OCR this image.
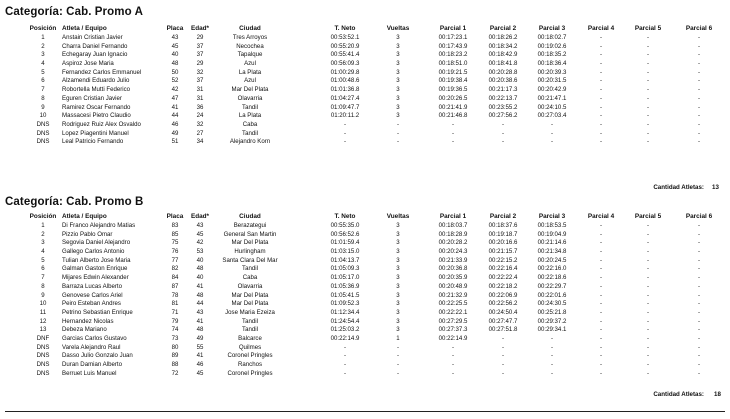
Categoría: Cab. Promo A
Posición Atleta / Equipo	Placa	Edad*	Ciudad	T. Neto	Vueltas	Parcial 1	Parcial 2	Parcial 3	Parcial 4	Parcial 5	Parcial 6
1	Anstain Cristian Javier	43	29	Tres Arroyos	00:53:52.1	3	00:17:23.1	00:18:26.2	00:18:02.7	-	-	-
2	Charra Daniel Fernando	45	37	Necochea	00:55:20.9	3	00:17:43.9	00:18:34.2	00:19:02.6	-	-	-
3	Echegaray Juan Ignacio	40	37	Tapalque	00:55:41.4	3	00:18:23.2	00:18:42.9	00:18:35.2	-	-	-
4	Aspiroz Jose Maria	48	29	Azul	00:56:09.3	3	00:18:51.0	00:18:41.8	00:18:36.4	-	-	-
5	Fernandez Carlos Emmanuel	50	32	La Plata	01:00:29.8	3	00:19:21.5	00:20:28.8	00:20:39.3	-	-	-
6	Alzamendi Eduardo Julio	52	37	Azul	01:00:48.6	3	00:19:38.4	00:20:38.6	00:20:31.5	-	-	-
7	Robortella Mutti Federico	42	31	Mar Del Plata	01:01:36.8	3	00:19:36.5	00:21:17.3	00:20:42.9	-	-	-
8	Eguren Cristian Javier	47	31	Olavarria	01:04:27.4	3	00:20:26.5	00:22:13.7	00:21:47.1	-	-	-
9	Ramirez Oscar Fernando	41	36	Tandil	01:09:47.7	3	00:21:41.9	00:23:55.2	00:24:10.5	-	-	-
10	Massacesi Pietro Claudio	44	24	La Plata	01:20:11.2	3	00:21:46.8	00:27:56.2	00:27:03.4	-	-	-
DNS	Rodriguez Ruiz Alex Osvaldo	46	32	Caba	-	-	-	-	-	-	-	-
DNS	Lopez Piagentini Manuel	49	27	Tandil	-	-	-	-	-	-	-	-
DNS	Leal Patricio Fernando	51	34	Alejandro Korn	-	-	-	-	-	-	-	-
Cantidad Atletas: 13
Categoría: Cab. Promo B
Posición Atleta / Equipo	Placa	Edad*	Ciudad	T. Neto	Vueltas	Parcial 1	Parcial 2	Parcial 3	Parcial 4	Parcial 5	Parcial 6
1	Di Franco Alejandro Matias	83	43	Berazategui	00:55:35.0	3	00:18:03.7	00:18:37.6	00:18:53.5	-	-	-
2	Pizzio Pablo Omar	85	45	General San Martin	00:56:52.6	3	00:18:28.9	00:19:18.7	00:19:04.9	-	-	-
3	Segovia Daniel Alejandro	75	42	Mar Del Plata	01:01:59.4	3	00:20:28.2	00:20:16.6	00:21:14.6	-	-	-
4	Gallego Carlos Antonio	76	53	Hurlingham	01:03:15.0	3	00:20:24.3	00:21:15.7	00:21:34.8	-	-	-
5	Tulian Alberto Jose Maria	77	40	Santa Clara Del Mar	01:04:13.7	3	00:21:33.9	00:22:15.2	00:20:24.5	-	-	-
6	Galman Gaston Enrique	82	48	Tandil	01:05:09.3	3	00:20:36.8	00:22:16.4	00:22:16.0	-	-	-
7	Mijares Edwin Alexander	84	40	Caba	01:05:17.0	3	00:20:35.9	00:22:22.4	00:22:18.6	-	-	-
8	Barraza Lucas Alberto	87	41	Olavarria	01:05:36.9	3	00:20:48.9	00:22:18.2	00:22:29.7	-	-	-
9	Genovese Carlos Ariel	78	48	Mar Del Plata	01:05:41.5	3	00:21:32.9	00:22:06.9	00:22:01.6	-	-	-
10	Peiro Esteban Andres	81	44	Mar Del Plata	01:09:52.3	3	00:22:25.5	00:22:56.2	00:24:30.5	-	-	-
11	Petrino Sebastian Enrique	71	43	Jose Maria Ezeiza	01:12:34.4	3	00:22:22.1	00:24:50.4	00:25:21.8	-	-	-
12	Hernandez Nicolas	79	41	Tandil	01:24:54.4	3	00:27:29.5	00:27:47.7	00:29:37.2	-	-	-
13	Debeza Mariano	74	48	Tandil	01:25:03.2	3	00:27:37.3	00:27:51.8	00:29:34.1	-	-	-
DNF	Garcias Carlos Gustavo	73	49	Balcarce	00:22:14.9	1	00:22:14.9	-	-	-	-	-
DNS	Varela Alejandro Raul	80	55	Quilmes	-	-	-	-	-	-	-	-
DNS	Dasso Julio Gonzalo Juan	89	41	Coronel Pringles	-	-	-	-	-	-	-	-
DNS	Duran Damian Alberto	88	46	Ranchos	-	-	-	-	-	-	-	-
DNS	Berruet Luis Manuel	72	45	Coronel Pringles	-	-	-	-	-	-	-	-
Cantidad Atletas: 18
